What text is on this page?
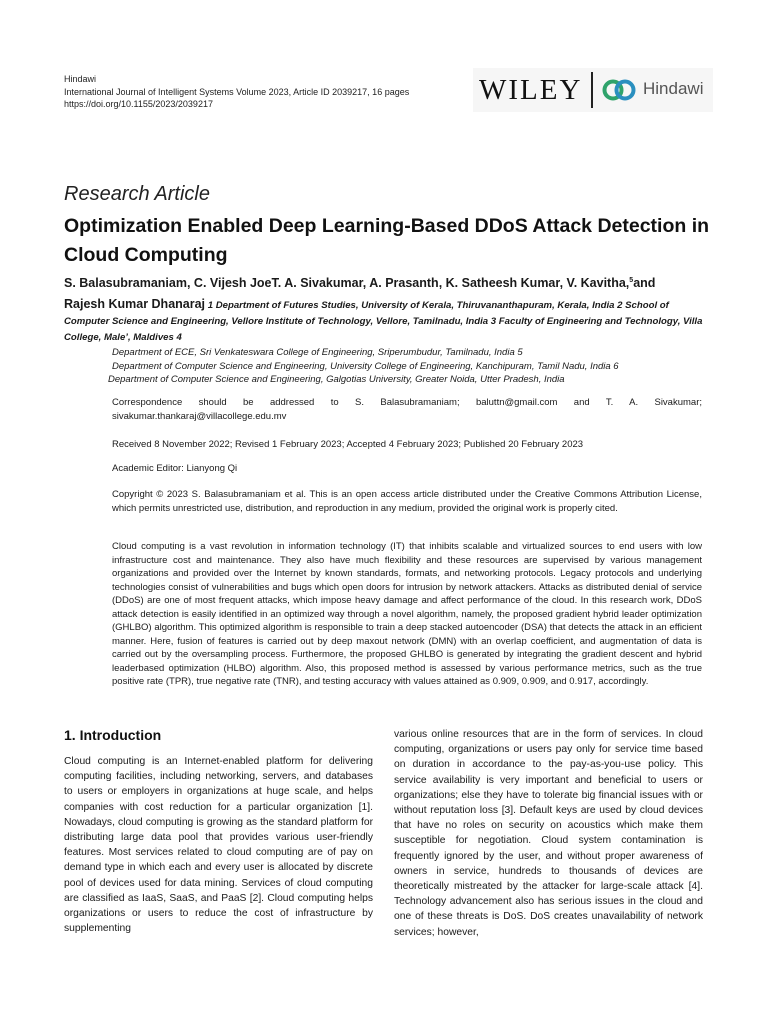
Hindawi
International Journal of Intelligent Systems Volume 2023, Article ID 2039217, 16 pages
https://doi.org/10.1155/2023/2039217	WILEY	Hindawi
Research Article
Optimization Enabled Deep Learning-Based DDoS Attack Detection in Cloud Computing
S. Balasubramaniam, C. Vijesh JoeT. A. Sivakumar, A. Prasanth, K. Satheesh Kumar, V. Kavitha,$^5$and
Rajesh Kumar Dhanaraj 1 Department of Futures Studies, University of Kerala, Thiruvananthapuram, Kerala, India 2 School of Computer Science and Engineering, Vellore Institute of Technology, Vellore, Tamilnadu, India 3 Faculty of Engineering and Technology, Villa College, Male’, Maldives 4
Department of ECE, Sri Venkateswara College of Engineering, Sriperumbudur, Tamilnadu, India 5
Department of Computer Science and Engineering, University College of Engineering, Kanchipuram, Tamil Nadu, India 6
Department of Computer Science and Engineering, Galgotias University, Greater Noida, Utter Pradesh, India
Correspondence should be addressed to S. Balasubramaniam; baluttn@gmail.com and T. A. Sivakumar; sivakumar.thankaraj@villacollege.edu.mv
Received 8 November 2022; Revised 1 February 2023; Accepted 4 February 2023; Published 20 February 2023
Academic Editor: Lianyong Qi
Copyright © 2023 S. Balasubramaniam et al. This is an open access article distributed under the Creative Commons Attribution License, which permits unrestricted use, distribution, and reproduction in any medium, provided the original work is properly cited.
Cloud computing is a vast revolution in information technology (IT) that inhibits scalable and virtualized sources to end users with low infrastructure cost and maintenance. They also have much flexibility and these resources are supervised by various management organizations and provided over the Internet by known standards, formats, and networking protocols. Legacy protocols and underlying technologies consist of vulnerabilities and bugs which open doors for intrusion by network attackers. Attacks as distributed denial of service (DDoS) are one of most frequent attacks, which impose heavy damage and affect performance of the cloud. In this research work, DDoS attack detection is easily identified in an optimized way through a novel algorithm, namely, the proposed gradient hybrid leader optimization (GHLBO) algorithm. This optimized algorithm is responsible to train a deep stacked autoencoder (DSA) that detects the attack in an efficient manner. Here, fusion of features is carried out by deep maxout network (DMN) with an overlap coefficient, and augmentation of data is carried out by the oversampling process. Furthermore, the proposed GHLBO is generated by integrating the gradient descent and hybrid leaderbased optimization (HLBO) algorithm. Also, this proposed method is assessed by various performance metrics, such as the true positive rate (TPR), true negative rate (TNR), and testing accuracy with values attained as 0.909, 0.909, and 0.917, accordingly.
1. Introduction
Cloud computing is an Internet-enabled platform for delivering computing facilities, including networking, servers, and databases to users or employers in organizations at huge scale, and helps companies with cost reduction for a particular organization [1]. Nowadays, cloud computing is growing as the standard platform for distributing large data pool that provides various user-friendly features. Most services related to cloud computing are of pay on demand type in which each and every user is allocated by discrete pool of devices used for data mining. Services of cloud computing are classified as IaaS, SaaS, and PaaS [2]. Cloud computing helps organizations or users to reduce the cost of infrastructure by supplementing
various online resources that are in the form of services. In cloud computing, organizations or users pay only for service time based on duration in accordance to the pay-as-you-use policy. This service availability is very important and beneficial to users or organizations; else they have to tolerate big financial issues with or without reputation loss [3]. Default keys are used by cloud devices that have no roles on security on acoustics which make them susceptible for negotiation. Cloud system contamination is frequently ignored by the user, and without proper awareness of owners in service, hundreds to thousands of devices are theoretically mistreated by the attacker for large-scale attack [4]. Technology advancement also has serious issues in the cloud and one of these threats is DoS. DoS creates unavailability of network services; however,
